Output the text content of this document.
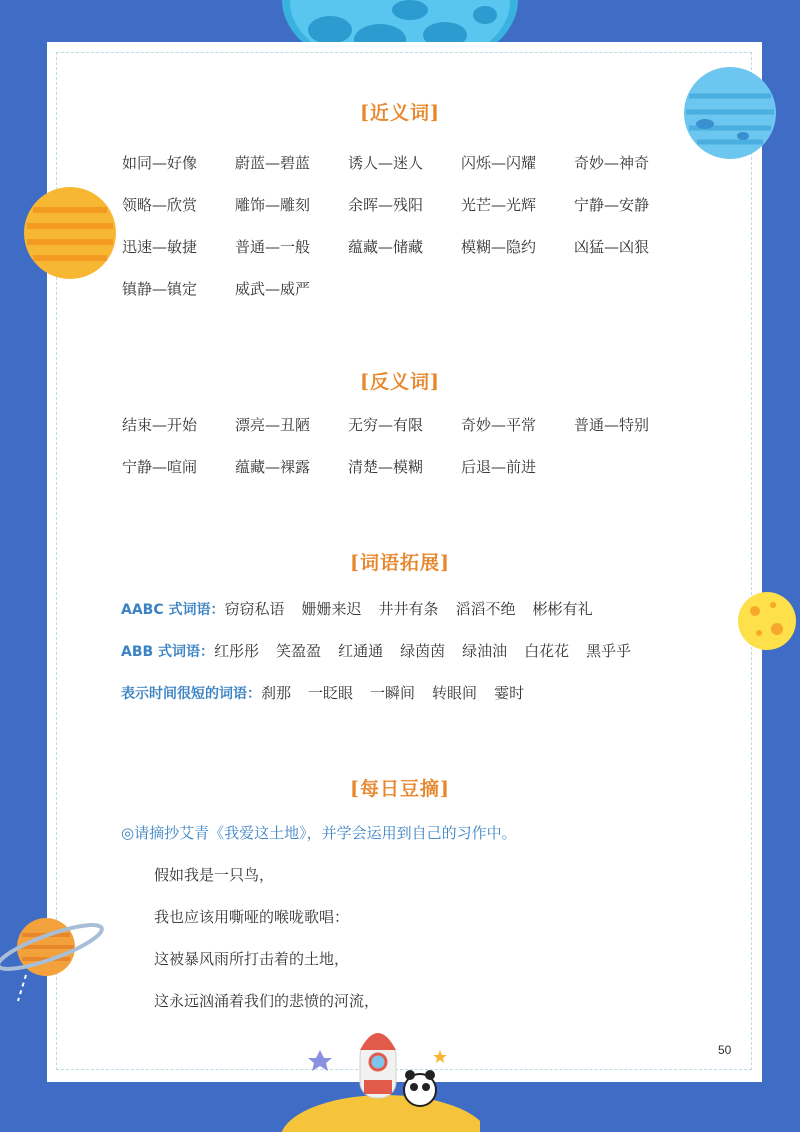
[近义词]
如同—好像	蔚蓝—碧蓝	诱人—迷人	闪烁—闪耀	奇妙—神奇
领略—欣赏	雕饰—雕刻	余晖—残阳	光芒—光辉	宁静—安静
迅速—敏捷	普通—一般	蕴藏—储藏	模糊—隐约	凶猛—凶狠
镇静—镇定	威武—威严
[反义词]
结束—开始	漂亮—丑陋	无穷—有限	奇妙—平常	普通—特别
宁静—喧闹	蕴藏—裸露	清楚—模糊	后退—前进
[词语拓展]
AABC 式词语：窃窃私语 姗姗来迟 井井有条 滔滔不绝 彬彬有礼
ABB 式词语：红彤彤 笑盈盈 红通通 绿茵茵 绿油油 白花花 黑乎乎
表示时间很短的词语：刹那 一眨眼 一瞬间 转眼间 霎时
[每日豆摘]
◎请摘抄艾青《我爱这土地》，并学会运用到自己的习作中。
假如我是一只鸟，
我也应该用嘶哑的喉咙歌唱：
这被暴风雨所打击着的土地，
这永远汹涌着我们的悲愤的河流，
50
